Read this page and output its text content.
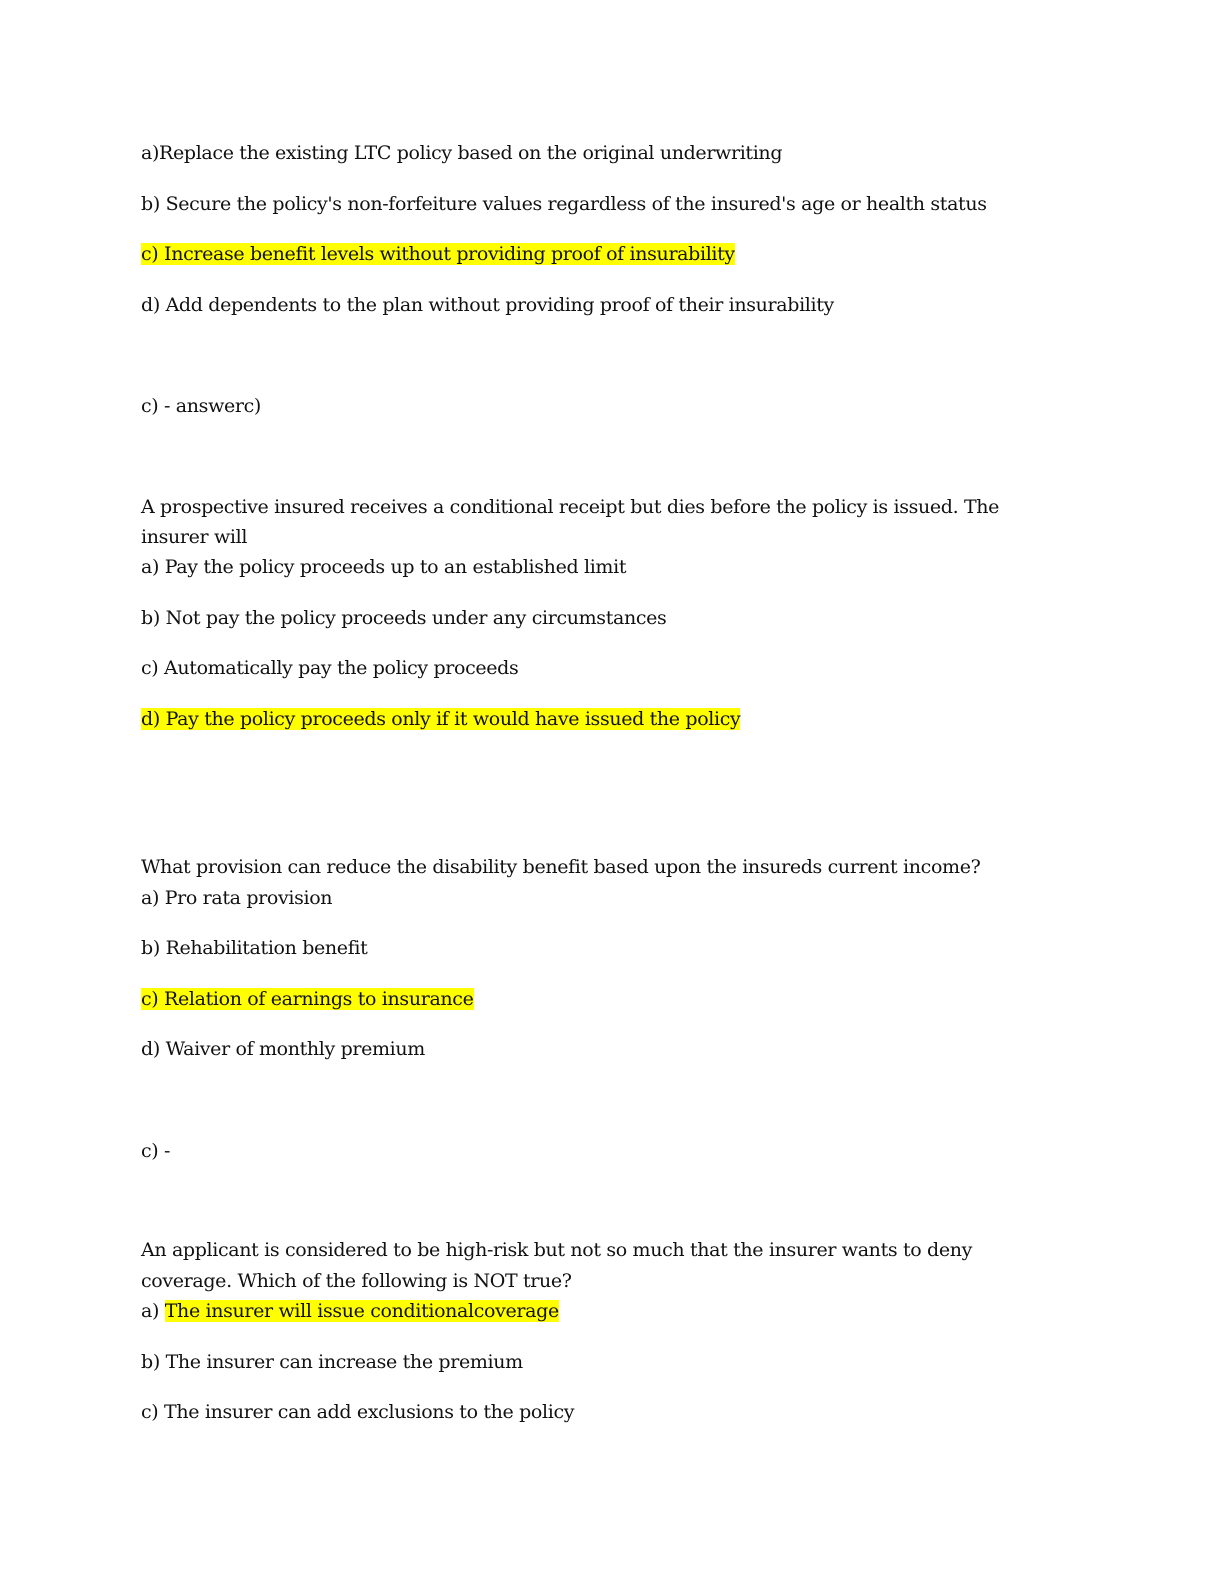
a)Replace the existing LTC policy based on the original underwriting
b) Secure the policy's non-forfeiture values regardless of the insured's age or health status
c) Increase benefit levels without providing proof of insurability
d) Add dependents to the plan without providing proof of their insurability
c) - answerc)
A prospective insured receives a conditional receipt but dies before the policy is issued. The
insurer will
a) Pay the policy proceeds up to an established limit
b) Not pay the policy proceeds under any circumstances
c) Automatically pay the policy proceeds
d) Pay the policy proceeds only if it would have issued the policy
What provision can reduce the disability benefit based upon the insureds current income?
a) Pro rata provision
b) Rehabilitation benefit
c) Relation of earnings to insurance
d) Waiver of monthly premium
c) -
An applicant is considered to be high-risk but not so much that the insurer wants to deny
coverage. Which of the following is NOT true?
a) The insurer will issue conditionalcoverage
b) The insurer can increase the premium
c) The insurer can add exclusions to the policy
